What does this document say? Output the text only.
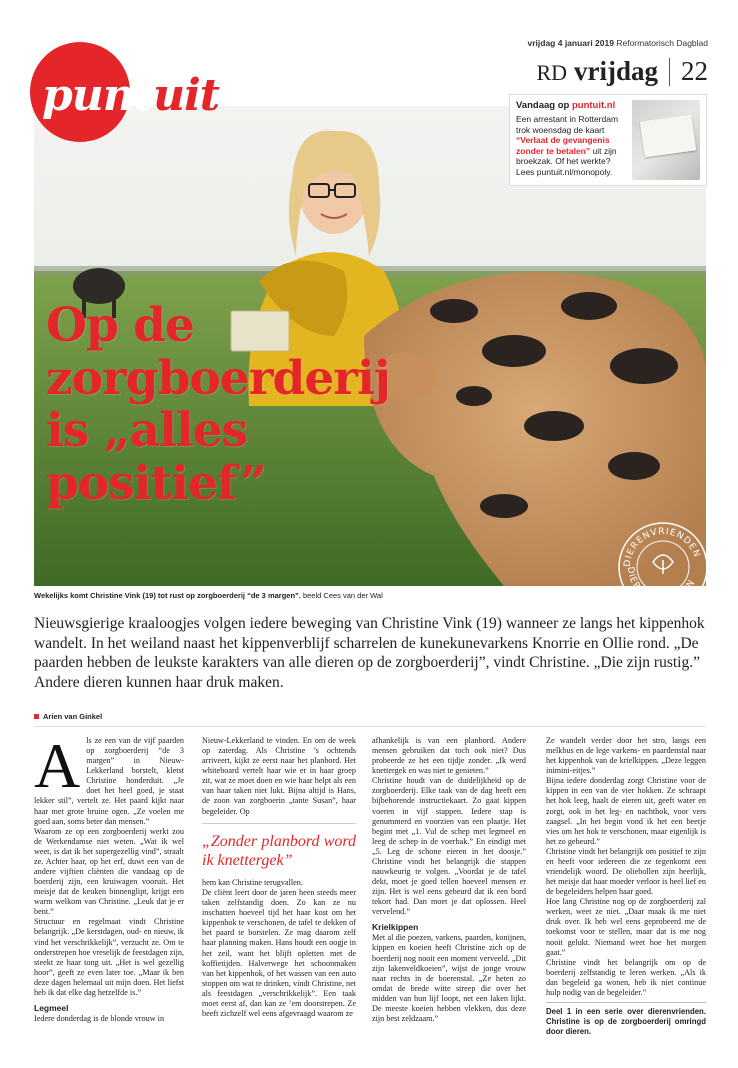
puntuit
vrijdag 4 januari 2019 Reformatorisch Dagblad
RD vrijdag 22
Vandaag op puntuit.nl
Een arrestant in Rotterdam trok woensdag de kaart “Verlaat de gevangenis zonder te betalen” uit zijn broekzak. Of het werkte? Lees puntuit.nl/monopoly.
Op de
zorgboerderij
is „alles
positief”
DIERENVRIENDEN
DIERENVRIENDEN
Wekelijks komt Christine Vink (19) tot rust op zorgboerderij “de 3 margen”. beeld Cees van der Wal
Nieuwsgierige kraaloogjes volgen iedere beweging van Christine Vink (19) wanneer ze langs het kippenhok wandelt. In het weiland naast het kippenverblijf scharrelen de kunekunevarkens Knorrie en Ollie rond. „De paarden hebben de leukste karakters van alle dieren op de zorgboerderij”, vindt Christine. „Die zijn rustig.” Andere dieren kunnen haar druk maken.
Arien van Ginkel
A ls ze een van de vijf paarden op zorgboerderij “de 3 margen” in Nieuw-Lekkerland borstelt, kletst Christine honderduit. „Je doet het heel goed, je staat lekker stil”, vertelt ze. Het paard kijkt naar haar met grote bruine ogen. „Ze voelen me goed aan, soms beter dan mensen.”

Waarom ze op een zorgboerderij werkt zou de Werkendamse niet weten. „Wat ik wel weet, is dat ik het supergezellig vind”, straalt ze. Achter haar, op het erf, duwt een van de andere vijftien cliënten die vandaag op de boerderij zijn, een kruiwagen vooruit. Het meisje dat de keuken binnenglipt, krijgt een warm welkom van Christine. „Leuk dat je er bent.”

Structuur en regelmaat vindt Christine belangrijk. „De kerstdagen, oud- en nieuw, ik vind het verschrikkelijk”, verzucht ze. Om te onderstrepen hoe vreselijk de feestdagen zijn, steekt ze haar tong uit. „Het is wel gezellig hoor”, geeft ze even later toe. „Maar ik ben deze dagen helemaal uit mijn doen. Het liefst heb ik dat elke dag hetzelfde is.”

Legmeel

Iedere donderdag is de blonde vrouw in

Nieuw-Lekkerland te vinden. En om de week op zaterdag. Als Christine ’s ochtends arriveert, kijkt ze eerst naar het planbord. Het whiteboard vertelt haar wie er in haar groep zit, wat ze moet doen en wie haar helpt als een van haar taken niet lukt. Bijna altijd is Hans, de zoon van zorgboerin „tante Susan”, haar begeleider. Op

„Zonder planbord word ik knettergek”

hem kan Christine terugvallen.

De cliënt leert door de jaren heen steeds meer taken zelfstandig doen. Zo kan ze nu inschatten hoeveel tijd het haar kost om het kippenhok te verschonen, de tafel te dekken of het paard te borstelen. Ze mag daarom zelf haar planning maken. Hans houdt een oogje in het zeil, want het blijft opletten met de koffietijden. Halverwege het schoonmaken van het kippenhok, of het wassen van een auto stoppen om wat te drinken, vindt Christine, net als feestdagen „verschrikkelijk”. Een taak moet eerst af, dan kan ze ’em doorstrepen. Ze beeft zichzelf wel eens afgevraagd waarom ze

afhankelijk is van een planbord. Andere mensen gebruiken dat toch ook niet? Dus probeerde ze het een tijdje zonder. „Ik werd knettergek en was niet te genieten.”

Christine houdt van de duidelijkheid op de zorgboerderij. Elke taak van de dag heeft een bijbehorende instructiekaart. Zo gaat kippen voeren in vijf stappen. Iedere stap is genummerd en voorzien van een plaatje. Het begint met „1. Vul de schep met legmeel en leeg de schep in de voerbak.” En eindigt met „5. Leg de schone eieren in het doosje.” Christine vindt het belangrijk die stappen nauwkeurig te volgen. „Voordat je de tafel dekt, moet je goed tellen hoeveel mensen er zijn. Het is wel eens gebeurd dat ik een bord tekort had. Dan moet je dat oplossen. Heel vervelend.”

Krielkippen

Met al die poezen, varkens, paarden, konijnen, kippen en koeien heeft Christine zich op de boerderij nog nooit een moment verveeld. „Dit zijn lakenveldkoeien”, wijst de jonge vrouw naar rechts in de boerenstal. „Ze heten zo omdat de brede witte streep die over het midden van hun lijf loopt, net een laken lijkt. De meeste koeien hebben vlekken, dus deze zijn best zeldzaam.”

Ze wandelt verder door het stro, langs een melkbus en de lege varkens- en paardenstal naar het kippenhok van de krielkippen. „Deze leggen inimini-eitjes.”

Bijna iedere donderdag zorgt Christine voor de kippen in een van de vier hokken. Ze schraapt het hok leeg, haalt de eieren uit, geeft water en zorgt, ook in het leg- en nachthok, voor vers zaagsel. „In het begin vond ik het een beetje vies om het hok te verschonen, maar eigenlijk is het zo gebeurd.”

Christine vindt het belangrijk om positief te zijn en heeft voor iedereen die ze tegenkomt een vriendelijk woord. De oliebollen zijn heerlijk, het meisje dat haar moeder verloor is heel lief en de begeleiders helpen haar goed.

Hoe lang Christine nog op de zorgboerderij zal werken, weet ze niet. „Daar maak ik me niet druk over. Ik heb wel eens geprobeerd me de toekomst voor te stellen, maar dat is me nog nooit gelukt. Niemand weet hoe het morgen gaat.”

Christine vindt het belangrijk om op de boerderij zelfstandig te leren werken. „Als ik dan begeleid ga wonen, heb ik niet continue hulp nodig van de begeleider.”

Deel 1 in een serie over dierenvrienden. Christine is op de zorgboerderij omringd door dieren.
